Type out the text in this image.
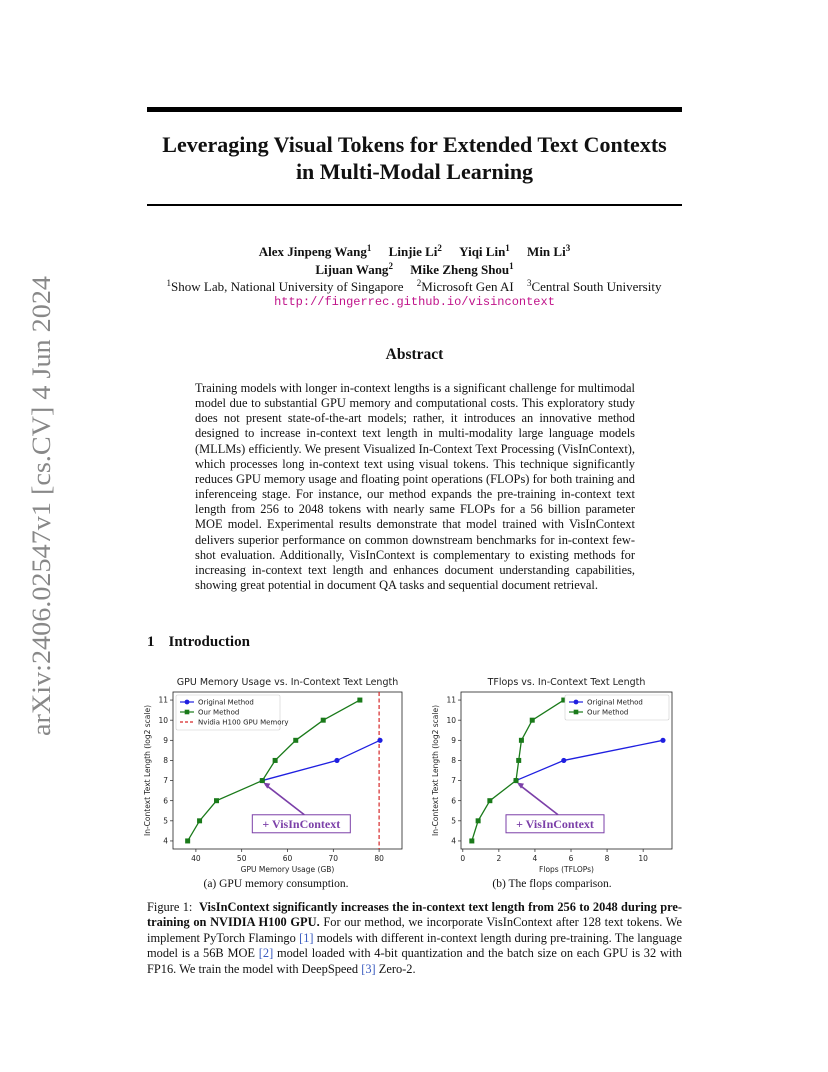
arXiv:2406.02547v1 [cs.CV] 4 Jun 2024
Leveraging Visual Tokens for Extended Text Contexts
in Multi-Modal Learning
Alex Jinpeng Wang$^1$ Linjie Li$^2$ Yiqi Lin$^1$ Min Li$^3$
Lijuan Wang$^2$ Mike Zheng Shou$^1$
$^1$Show Lab, National University of Singapore $^2$Microsoft Gen AI $^3$Central South University
http://fingerrec.github.io/visincontext
Abstract
Training models with longer in-context lengths is a significant challenge for multimodal model due to substantial GPU memory and computational costs. This exploratory study does not present state-of-the-art models; rather, it introduces an innovative method designed to increase in-context text length in multi-modality large language models (MLLMs) efficiently. We present Visualized In-Context Text Processing (VisInContext), which processes long in-context text using visual tokens. This technique significantly reduces GPU memory usage and floating point operations (FLOPs) for both training and inferenceing stage. For instance, our method expands the pre-training in-context text length from 256 to 2048 tokens with nearly same FLOPs for a 56 billion parameter MOE model. Experimental results demonstrate that model trained with VisInContext delivers superior performance on common downstream benchmarks for in-context few-shot evaluation. Additionally, VisInContext is complementary to existing methods for increasing in-context text length and enhances document understanding capabilities, showing great potential in document QA tasks and sequential document retrieval.
1 Introduction
GPU Memory Usage vs. In-Context Text Length
40	50	60	70	80
4
5
6
7
8
9
10
11
GPU Memory Usage (GB)
In-Context Text Length (log2 scale)	+ VisInContext
Original Method
Our Method
Nvidia H100 GPU Memory
TFlops vs. In-Context Text Length
0	2	4	6	8	10
4
5
6
7
8
9
10
11
Flops (TFLOPs)
In-Context Text Length (log2 scale)	+ VisInContext
Original Method
Our Method
(a) GPU memory consumption.	(b) The flops comparison.
Figure 1: VisInContext significantly increases the in-context text length from 256 to 2048 during pre-training on NVIDIA H100 GPU. For our method, we incorporate VisInContext after 128 text tokens. We implement PyTorch Flamingo [1] models with different in-context length during pre-training. The language model is a 56B MOE [2] model loaded with 4-bit quantization and the batch size on each GPU is 32 with FP16. We train the model with DeepSpeed [3] Zero-2.
